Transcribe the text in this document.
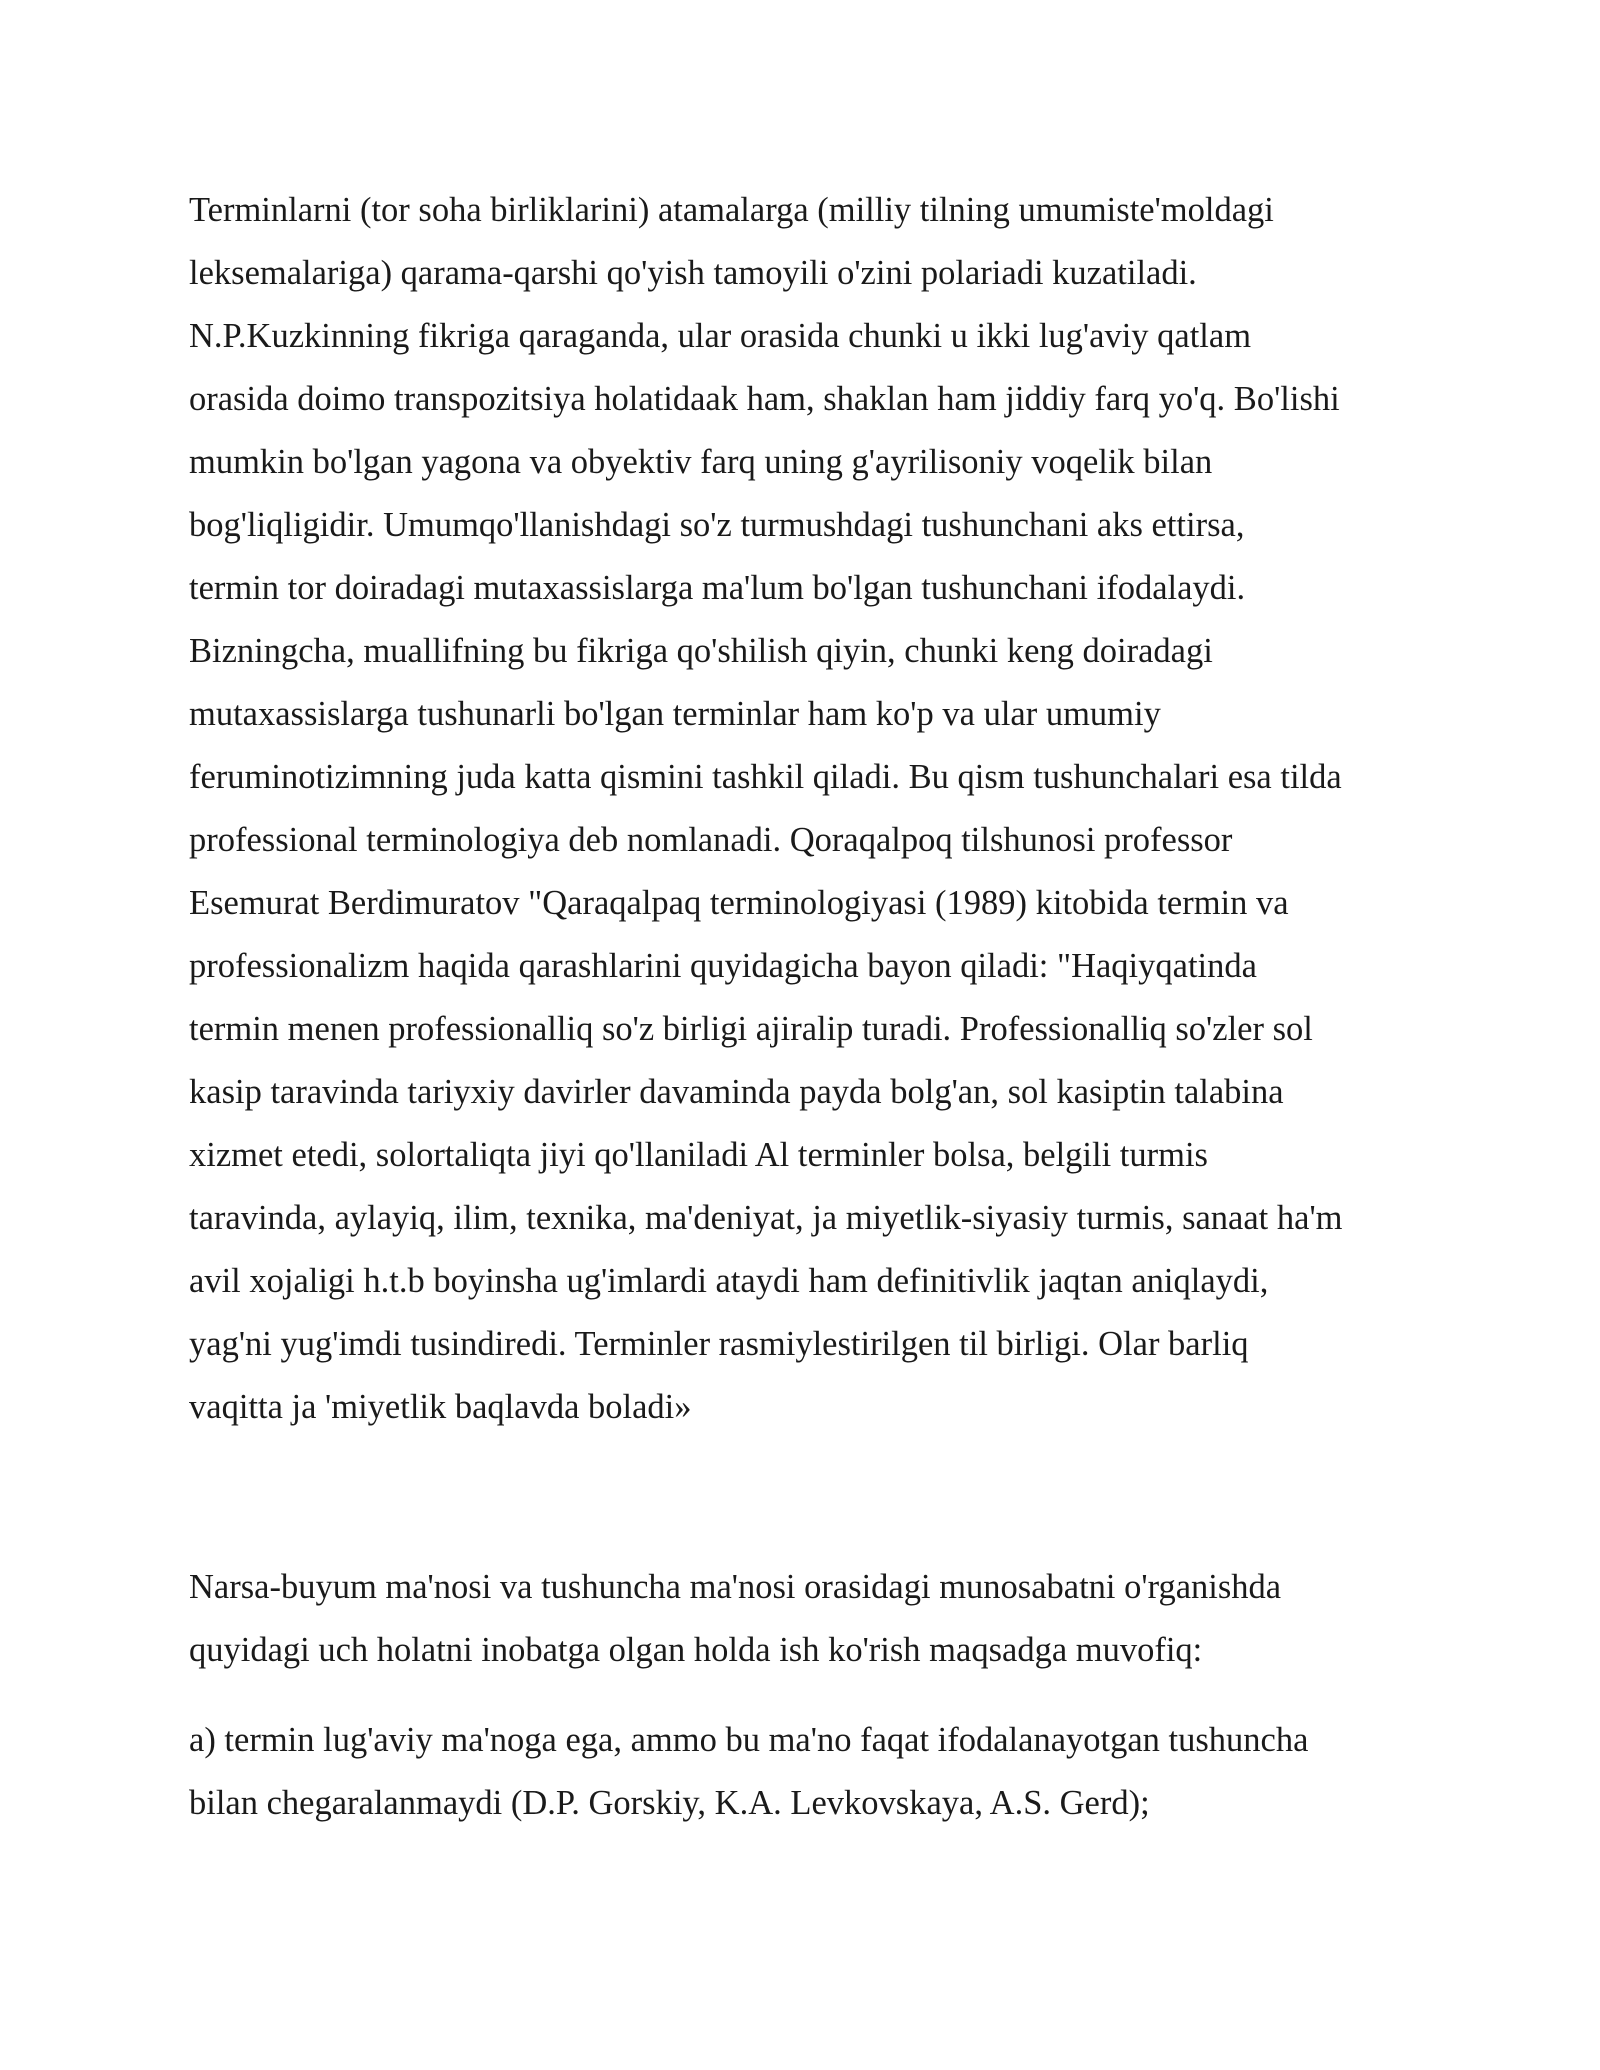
Terminlarni (tor soha birliklarini) atamalarga (milliy tilning umumiste'moldagi
leksemalariga) qarama-qarshi qo'yish tamoyili o'zini polariadi kuzatiladi.
N.P.Kuzkinning fikriga qaraganda, ular orasida chunki u ikki lug'aviy qatlam
orasida doimo transpozitsiya holatidaak ham, shaklan ham jiddiy farq yo'q. Bo'lishi
mumkin bo'lgan yagona va obyektiv farq uning g'ayrilisoniy voqelik bilan
bog'liqligidir. Umumqo'llanishdagi so'z turmushdagi tushunchani aks ettirsa,
termin tor doiradagi mutaxassislarga ma'lum bo'lgan tushunchani ifodalaydi.
Bizningcha, muallifning bu fikriga qo'shilish qiyin, chunki keng doiradagi
mutaxassislarga tushunarli bo'lgan terminlar ham ko'p va ular umumiy
feruminotizimning juda katta qismini tashkil qiladi. Bu qism tushunchalari esa tilda
professional terminologiya deb nomlanadi. Qoraqalpoq tilshunosi professor
Esemurat Berdimuratov "Qaraqalpaq terminologiyasi (1989) kitobida termin va
professionalizm haqida qarashlarini quyidagicha bayon qiladi: "Haqiyqatinda
termin menen professionalliq so'z birligi ajiralip turadi. Professionalliq so'zler sol
kasip taravinda tariyxiy davirler davaminda payda bolg'an, sol kasiptin talabina
xizmet etedi, solortaliqta jiyi qo'llaniladi Al terminler bolsa, belgili turmis
taravinda, aylayiq, ilim, texnika, ma'deniyat, ja miyetlik-siyasiy turmis, sanaat ha'm
avil xojaligi h.t.b boyinsha ug'imlardi ataydi ham definitivlik jaqtan aniqlaydi,
yag'ni yug'imdi tusindiredi. Terminler rasmiylestirilgen til birligi. Olar barliq
vaqitta ja 'miyetlik baqlavda boladi»
Narsa-buyum ma'nosi va tushuncha ma'nosi orasidagi munosabatni o'rganishda
quyidagi uch holatni inobatga olgan holda ish ko'rish maqsadga muvofiq:
a) termin lug'aviy ma'noga ega, ammo bu ma'no faqat ifodalanayotgan tushuncha
bilan chegaralanmaydi (D.P. Gorskiy, K.A. Levkovskaya, A.S. Gerd);
